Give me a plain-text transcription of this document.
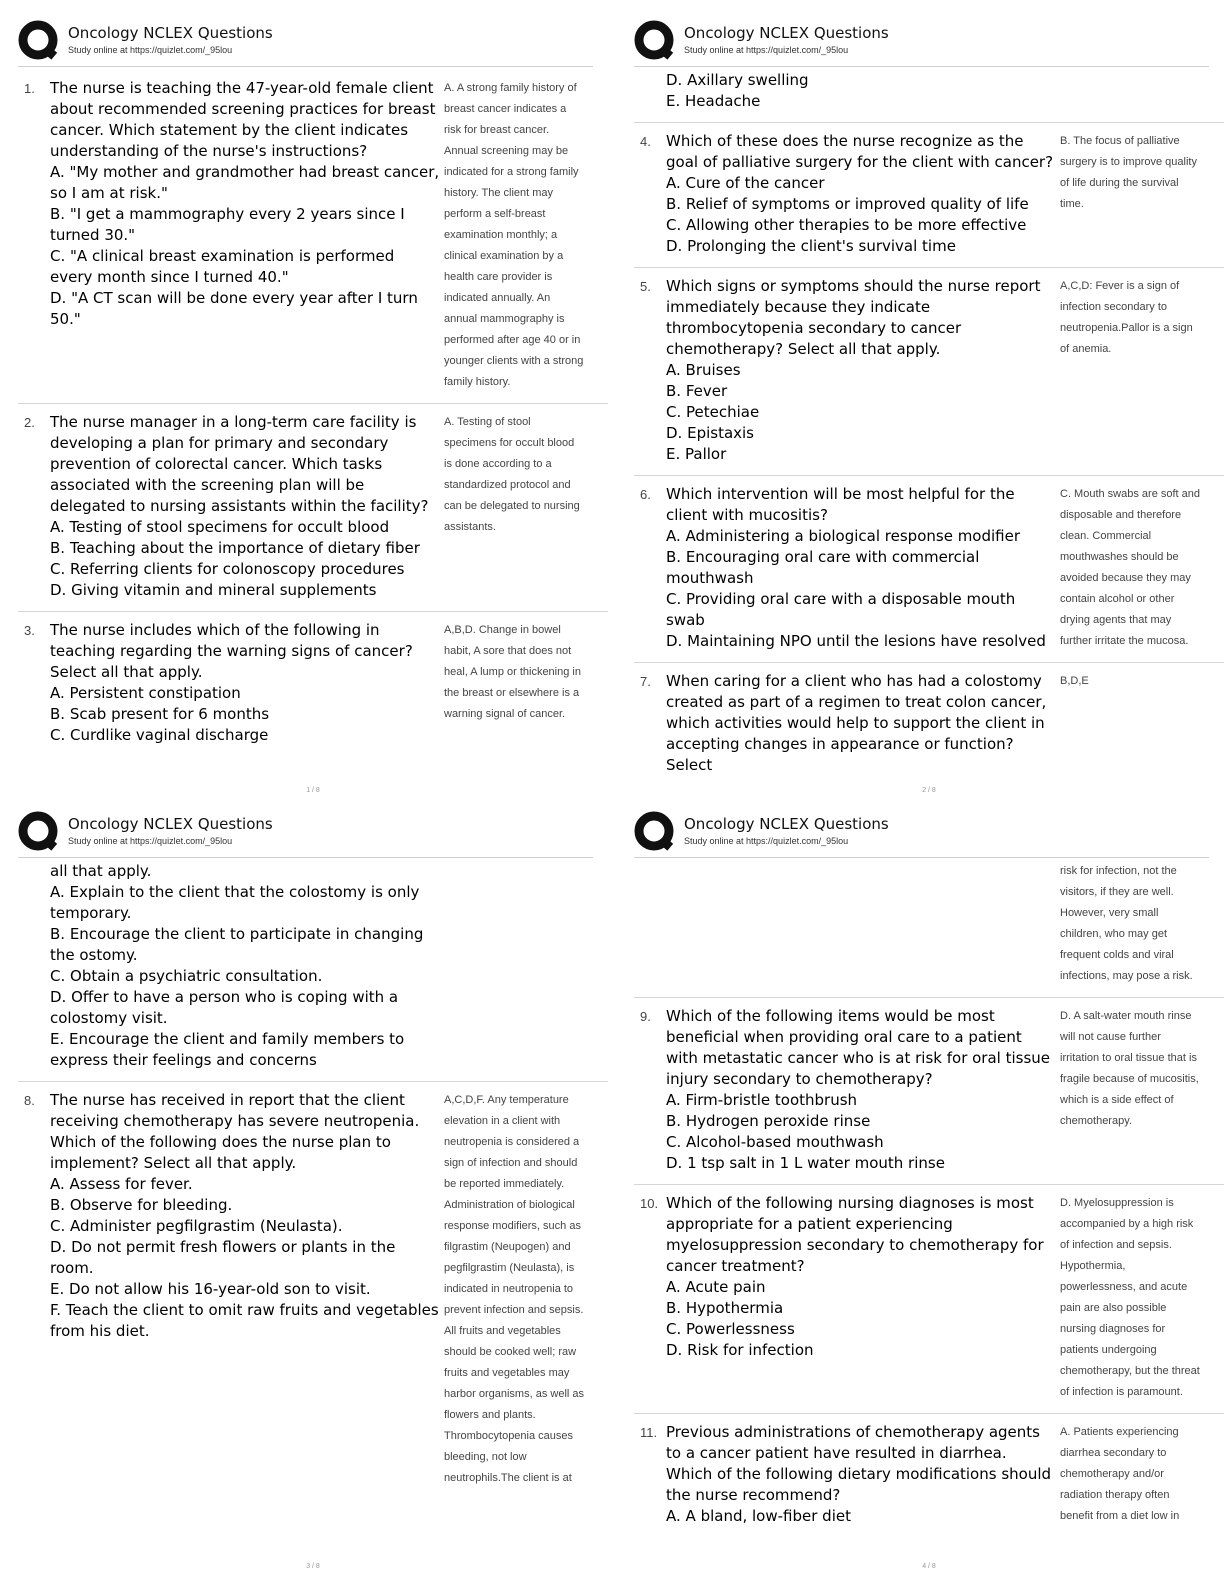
Oncology NCLEX Questions
Study online at https://quizlet.com/_95lou
1.	The nurse is teaching the 47-year-old female client about recommended screening practices for breast cancer. Which statement by the client indicates understanding of the nurse's instructions?
A. "My mother and grandmother had breast cancer, so I am at risk."
B. "I get a mammography every 2 years since I turned 30."
C. "A clinical breast examination is performed every month since I turned 40."
D. "A CT scan will be done every year after I turn 50."
A. A strong family history of breast cancer indicates a risk for breast cancer. Annual screening may be indicated for a strong family history. The client may perform a self-breast examination monthly; a clinical examination by a health care provider is indicated annually. An annual mammography is performed after age 40 or in younger clients with a strong family history.
2.	The nurse manager in a long-term care facility is developing a plan for primary and secondary prevention of colorectal cancer. Which tasks associated with the screening plan will be delegated to nursing assistants within the facility?
A. Testing of stool specimens for occult blood
B. Teaching about the importance of dietary fiber
C. Referring clients for colonoscopy procedures
D. Giving vitamin and mineral supplements
A. Testing of stool specimens for occult blood is done according to a standardized protocol and can be delegated to nursing assistants.
3.	The nurse includes which of the following in teaching regarding the warning signs of cancer? Select all that apply.
A. Persistent constipation
B. Scab present for 6 months
C. Curdlike vaginal discharge
A,B,D. Change in bowel habit, A sore that does not heal, A lump or thickening in the breast or elsewhere is a warning signal of cancer.
1 / 8
Oncology NCLEX Questions
Study online at https://quizlet.com/_95lou
D. Axillary swelling
E. Headache
4.	Which of these does the nurse recognize as the goal of palliative surgery for the client with cancer?
A. Cure of the cancer
B. Relief of symptoms or improved quality of life
C. Allowing other therapies to be more effective
D. Prolonging the client's survival time
B. The focus of palliative surgery is to improve quality of life during the survival time.
5.	Which signs or symptoms should the nurse report immediately because they indicate thrombocytopenia secondary to cancer chemotherapy? Select all that apply.
A. Bruises
B. Fever
C. Petechiae
D. Epistaxis
E. Pallor
A,C,D: Fever is a sign of infection secondary to neutropenia.Pallor is a sign of anemia.
6.	Which intervention will be most helpful for the client with mucositis?
A. Administering a biological response modifier
B. Encouraging oral care with commercial mouthwash
C. Providing oral care with a disposable mouth swab
D. Maintaining NPO until the lesions have resolved
C. Mouth swabs are soft and disposable and therefore clean. Commercial mouthwashes should be avoided because they may contain alcohol or other drying agents that may further irritate the mucosa.
7.	When caring for a client who has had a colostomy created as part of a regimen to treat colon cancer, which activities would help to support the client in accepting changes in appearance or function? Select
B,D,E
2 / 8
Oncology NCLEX Questions
Study online at https://quizlet.com/_95lou
all that apply.
A. Explain to the client that the colostomy is only temporary.
B. Encourage the client to participate in changing the ostomy.
C. Obtain a psychiatric consultation.
D. Offer to have a person who is coping with a colostomy visit.
E. Encourage the client and family members to express their feelings and concerns
8.	The nurse has received in report that the client receiving chemotherapy has severe neutropenia. Which of the following does the nurse plan to implement? Select all that apply.
A. Assess for fever.
B. Observe for bleeding.
C. Administer pegfilgrastim (Neulasta).
D. Do not permit fresh flowers or plants in the room.
E. Do not allow his 16-year-old son to visit.
F. Teach the client to omit raw fruits and vegetables from his diet.
A,C,D,F. Any temperature elevation in a client with neutropenia is considered a sign of infection and should be reported immediately. Administration of biological response modifiers, such as filgrastim (Neupogen) and pegfilgrastim (Neulasta), is indicated in neutropenia to prevent infection and sepsis. All fruits and vegetables should be cooked well; raw fruits and vegetables may harbor organisms, as well as flowers and plants. Thrombocytopenia causes bleeding, not low neutrophils.The client is at
3 / 8
Oncology NCLEX Questions
Study online at https://quizlet.com/_95lou
risk for infection, not the visitors, if they are well. However, very small children, who may get frequent colds and viral infections, may pose a risk.
9.	Which of the following items would be most beneficial when providing oral care to a patient with metastatic cancer who is at risk for oral tissue injury secondary to chemotherapy?
A. Firm-bristle toothbrush
B. Hydrogen peroxide rinse
C. Alcohol-based mouthwash
D. 1 tsp salt in 1 L water mouth rinse
D. A salt-water mouth rinse will not cause further irritation to oral tissue that is fragile because of mucositis, which is a side effect of chemotherapy.
10. Which of the following nursing diagnoses is most appropriate for a patient experiencing myelosuppression secondary to chemotherapy for cancer treatment?
A. Acute pain
B. Hypothermia
C. Powerlessness
D. Risk for infection
D. Myelosuppression is accompanied by a high risk of infection and sepsis. Hypothermia, powerlessness, and acute pain are also possible nursing diagnoses for patients undergoing chemotherapy, but the threat of infection is paramount.
11. Previous administrations of chemotherapy agents to a cancer patient have resulted in diarrhea. Which of the following dietary modifications should the nurse recommend?
A. A bland, low-fiber diet
A. Patients experiencing diarrhea secondary to chemotherapy and/or radiation therapy often benefit from a diet low in
4 / 8
